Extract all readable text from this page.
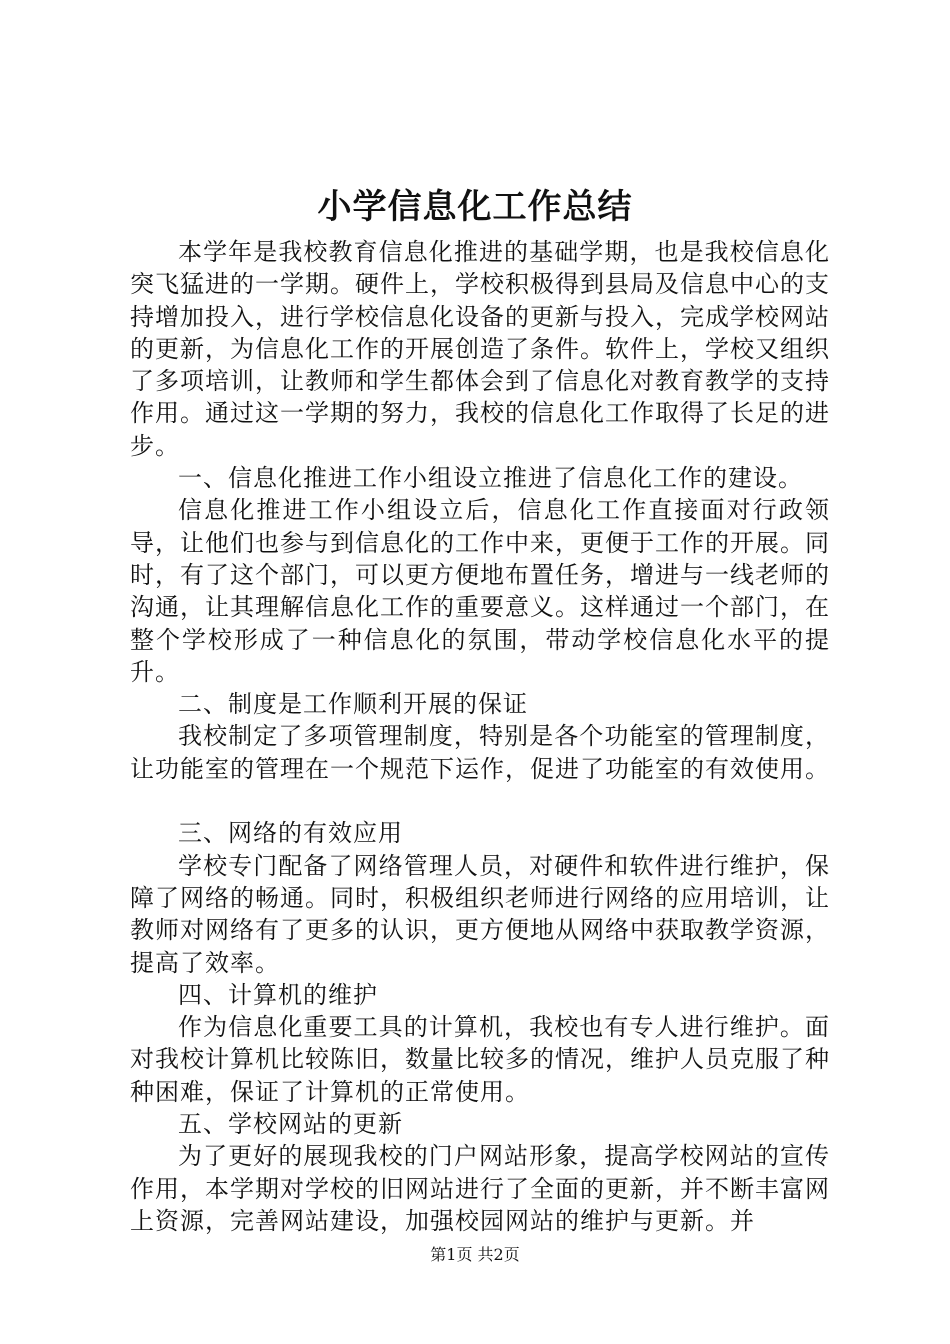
小学信息化工作总结

本学年是我校教育信息化推进的基础学期，也是我校信息化突飞猛进的一学期。硬件上，学校积极得到县局及信息中心的支持增加投入，进行学校信息化设备的更新与投入，完成学校网站的更新，为信息化工作的开展创造了条件。软件上，学校又组织了多项培训，让教师和学生都体会到了信息化对教育教学的支持作用。通过这一学期的努力，我校的信息化工作取得了长足的进步。

一、信息化推进工作小组设立推进了信息化工作的建设。

信息化推进工作小组设立后，信息化工作直接面对行政领导，让他们也参与到信息化的工作中来，更便于工作的开展。同时，有了这个部门，可以更方便地布置任务，增进与一线老师的沟通，让其理解信息化工作的重要意义。这样通过一个部门，在整个学校形成了一种信息化的氛围，带动学校信息化水平的提升。

二、制度是工作顺利开展的保证

我校制定了多项管理制度，特别是各个功能室的管理制度，让功能室的管理在一个规范下运作，促进了功能室的有效使用。

三、网络的有效应用

学校专门配备了网络管理人员，对硬件和软件进行维护，保障了网络的畅通。同时，积极组织老师进行网络的应用培训，让教师对网络有了更多的认识，更方便地从网络中获取教学资源，提高了效率。

四、计算机的维护

作为信息化重要工具的计算机，我校也有专人进行维护。面对我校计算机比较陈旧，数量比较多的情况，维护人员克服了种种困难，保证了计算机的正常使用。

五、学校网站的更新

为了更好的展现我校的门户网站形象，提高学校网站的宣传作用，本学期对学校的旧网站进行了全面的更新，并不断丰富网上资源，完善网站建设，加强校园网站的维护与更新。并

第1页 共2页
